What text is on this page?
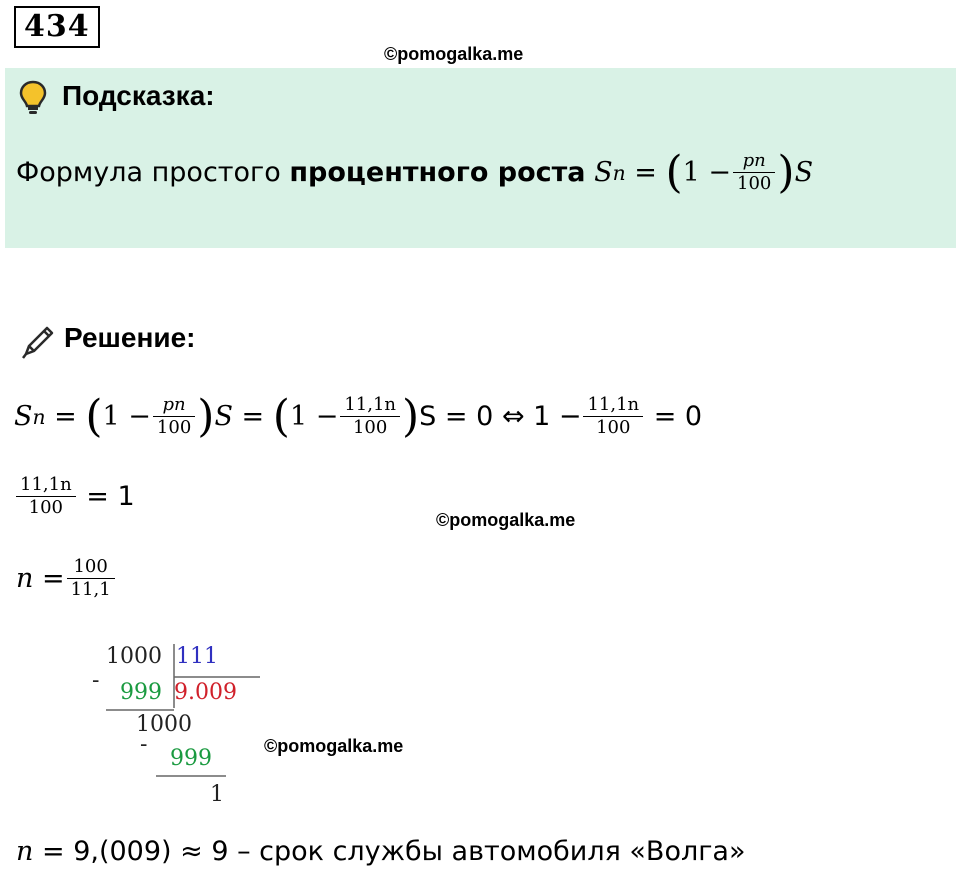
434
©pomogalka.me
Подсказка:
Формула простого
процентного роста
S n
=
( $1 - \frac{pn}{100}$ ) S
Решение:
S n
=
( $1 - \frac{pn}{100}$ ) S
=
( $1 - \frac{11,1n}{100}$ ) S = 0 ⇔ $1 - \frac{11,1n}{100}$
= 0
$\frac{11,1n}{100}$
= 1
©pomogalka.me
n
= $\frac{100}{11,1}$
1000 111
- 999 9.009
1000
-
999
1
©pomogalka.me
n
= 9,(009) ≈ 9 – срок службы автомобиля «Волга»
